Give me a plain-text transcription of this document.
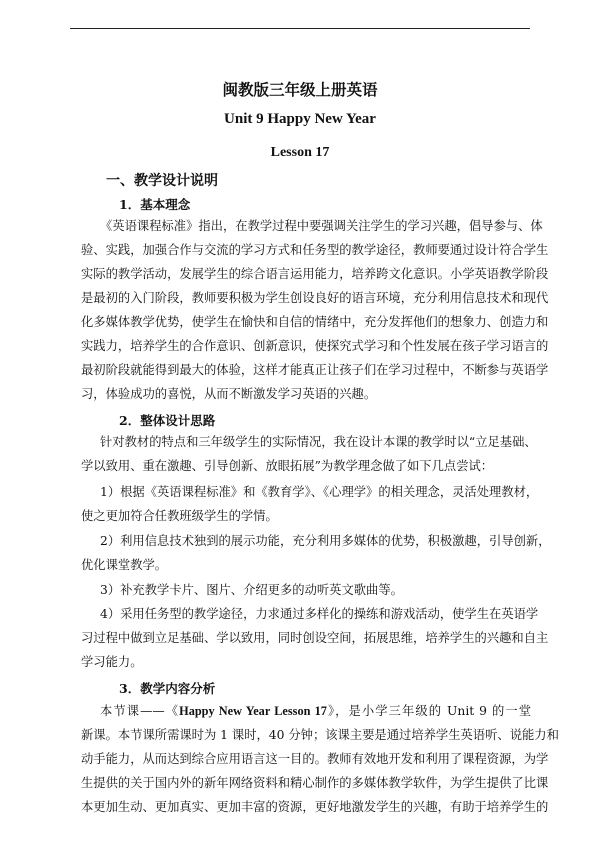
闽教版三年级上册英语
Unit 9 Happy New Year
Lesson 17
一、教学设计说明
1．基本理念
《英语课程标准》指出，在教学过程中要强调关注学生的学习兴趣，倡导参与、体
验、实践，加强合作与交流的学习方式和任务型的教学途径，教师要通过设计符合学生
实际的教学活动，发展学生的综合语言运用能力，培养跨文化意识。小学英语教学阶段
是最初的入门阶段，教师要积极为学生创设良好的语言环境，充分利用信息技术和现代
化多媒体教学优势，使学生在愉快和自信的情绪中，充分发挥他们的想象力、创造力和
实践力，培养学生的合作意识、创新意识，使探究式学习和个性发展在孩子学习语言的
最初阶段就能得到最大的体验，这样才能真正让孩子们在学习过程中，不断参与英语学
习，体验成功的喜悦，从而不断激发学习英语的兴趣。
2．整体设计思路
针对教材的特点和三年级学生的实际情况，我在设计本课的教学时以“立足基础、
学以致用、重在激趣、引导创新、放眼拓展”为教学理念做了如下几点尝试：
1）根据《英语课程标准》和《教育学》、《心理学》的相关理念，灵活处理教材，
使之更加符合任教班级学生的学情。
2）利用信息技术独到的展示功能，充分利用多媒体的优势，积极激趣，引导创新，
优化课堂教学。
3）补充教学卡片、图片、介绍更多的动听英文歌曲等。
4）采用任务型的教学途径，力求通过多样化的操练和游戏活动，使学生在英语学
习过程中做到立足基础、学以致用，同时创设空间，拓展思维，培养学生的兴趣和自主
学习能力。
3．教学内容分析
本节课——《Happy New Year Lesson 17》，是小学三年级的 Unit 9 的一堂
新课。本节课所需课时为 1 课时，40 分钟；该课主要是通过培养学生英语听、说能力和
动手能力，从而达到综合应用语言这一目的。教师有效地开发和利用了课程资源，为学
生提供的关于国内外的新年网络资料和精心制作的多媒体教学软件，为学生提供了比课
本更加生动、更加真实、更加丰富的资源，更好地激发学生的兴趣，有助于培养学生的
